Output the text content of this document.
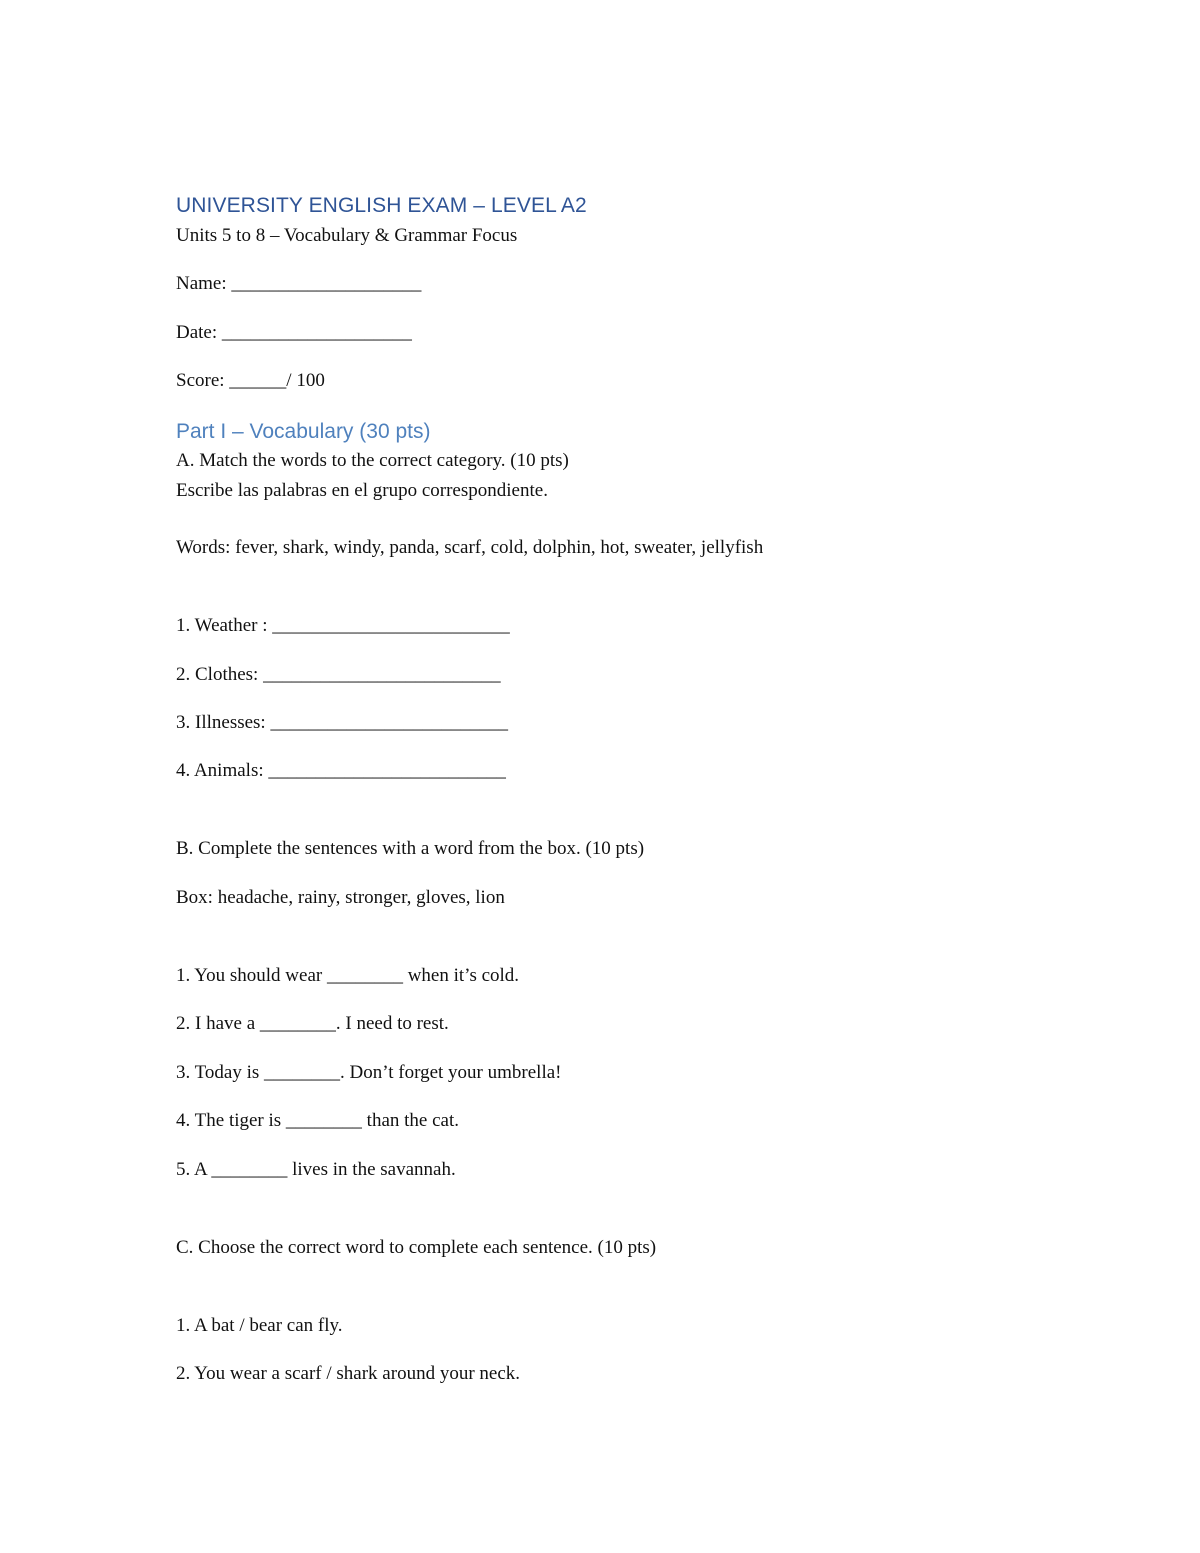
UNIVERSITY ENGLISH EXAM – LEVEL A2
Units 5 to 8 – Vocabulary & Grammar Focus
Name: ____________________
Date: ____________________
Score: ______/ 100
Part I – Vocabulary (30 pts)
A. Match the words to the correct category. (10 pts)
Escribe las palabras en el grupo correspondiente.
Words: fever, shark, windy, panda, scarf, cold, dolphin, hot, sweater, jellyfish
1. Weather : _________________________
2. Clothes: _________________________
3. Illnesses: _________________________
4. Animals: _________________________
B. Complete the sentences with a word from the box. (10 pts)
Box: headache, rainy, stronger, gloves, lion
1. You should wear ________ when it’s cold.
2. I have a ________. I need to rest.
3. Today is ________. Don’t forget your umbrella!
4. The tiger is ________ than the cat.
5. A ________ lives in the savannah.
C. Choose the correct word to complete each sentence. (10 pts)
1. A bat / bear can fly.
2. You wear a scarf / shark around your neck.
